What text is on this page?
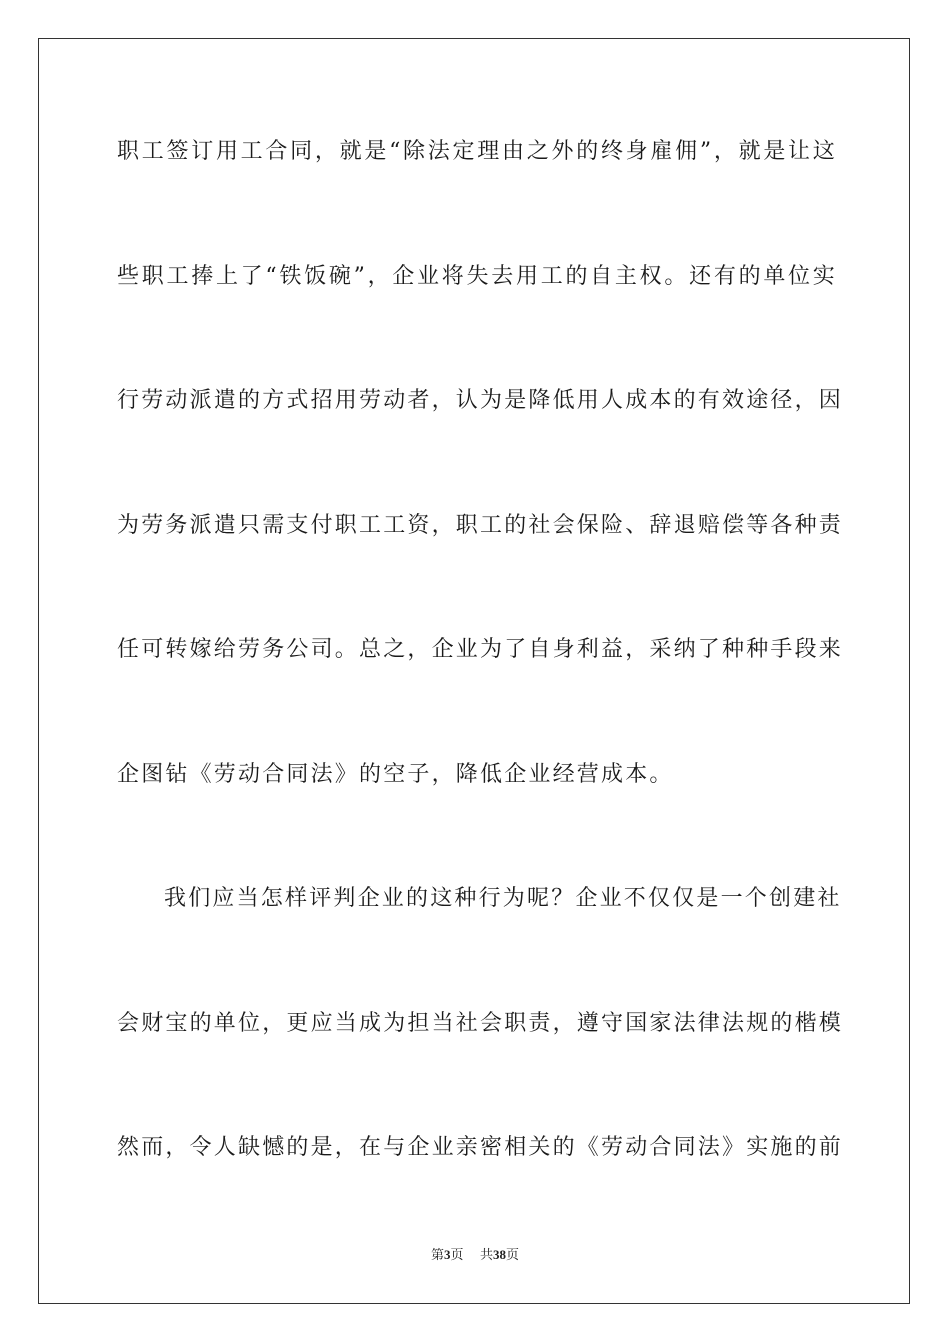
职工签订用工合同，就是“除法定理由之外的终身雇佣”，就是让这
些职工捧上了“铁饭碗”，企业将失去用工的自主权。还有的单位实
行劳动派遣的方式招用劳动者，认为是降低用人成本的有效途径，因
为劳务派遣只需支付职工工资，职工的社会保险、辞退赔偿等各种责
任可转嫁给劳务公司。总之，企业为了自身利益，采纳了种种手段来
企图钻《劳动合同法》的空子，降低企业经营成本。
我们应当怎样评判企业的这种行为呢？企业不仅仅是一个创建社
会财宝的单位，更应当成为担当社会职责，遵守国家法律法规的楷模
然而，令人缺憾的是，在与企业亲密相关的《劳动合同法》实施的前
第3页 共38页
